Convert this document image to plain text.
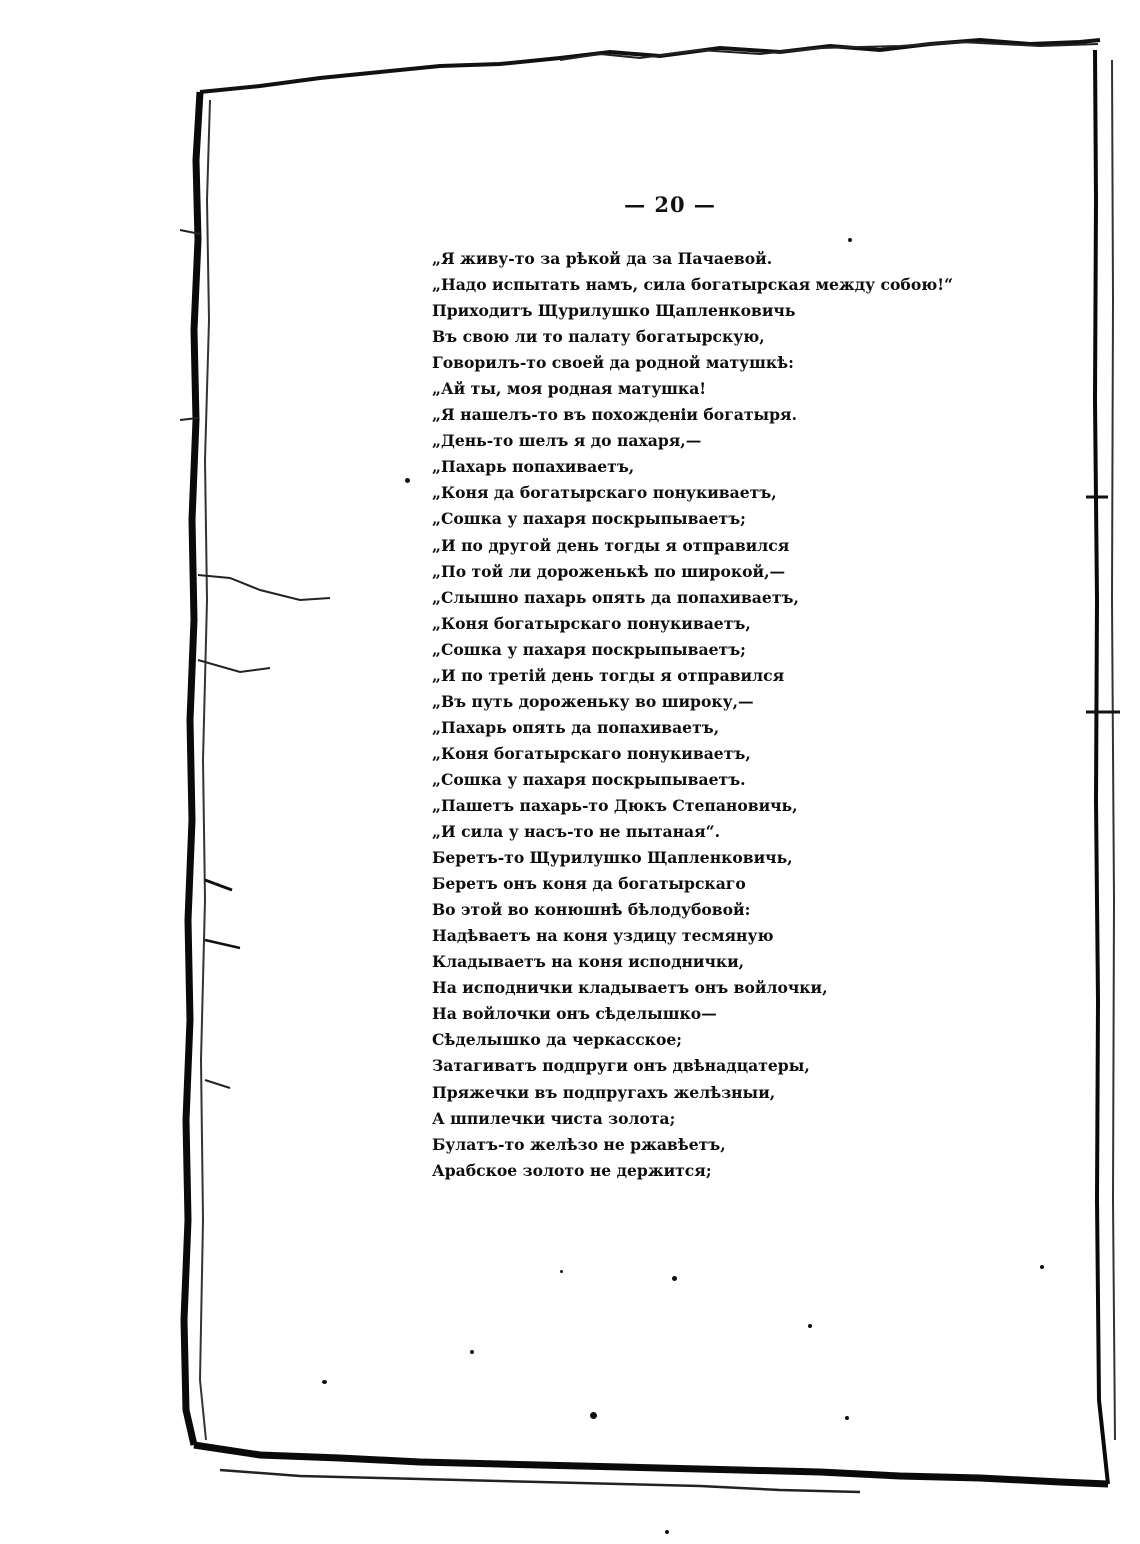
— 20 —
„Я живу-то за рѣкой да за Пачаевой.
„Надо испытать намъ, сила богатырская между собою!“
Приходитъ Щурилушко Щапленковичь
Въ свою ли то палату богатырскую,
Говорилъ-то своей да родной матушкѣ:
„Ай ты, моя родная матушка!
„Я нашелъ-то въ похожденiи богатыря.
„День-то шелъ я до пахаря,—
„Пахарь попахиваетъ,
„Коня да богатырскаго понукиваетъ,
„Сошка у пахаря поскрыпываетъ;
„И по другой день тогды я отправился
„По той ли дороженькѣ по широкой,—
„Слышно пахарь опять да попахиваетъ,
„Коня богатырскаго понукиваетъ,
„Сошка у пахаря поскрыпываетъ;
„И по третiй день тогды я отправился
„Въ путь дороженьку во широку,—
„Пахарь опять да попахиваетъ,
„Коня богатырскаго понукиваетъ,
„Сошка у пахаря поскрыпываетъ.
„Пашетъ пахарь-то Дюкъ Степановичь,
„И сила у насъ-то не пытаная“.
Беретъ-то Щурилушко Щапленковичь,
Беретъ онъ коня да богатырскаго
Во этой во конюшнѣ бѣлодубовой:
Надѣваетъ на коня уздицу тесмяную
Кладываетъ на коня исподнички,
На исподнички кладываетъ онъ войлочки,
На войлочки онъ сѣделышко—
Сѣделышко да черкасское;
Затагиватъ подпруги онъ двѣнадцатеры,
Пряжечки въ подпругахъ желѣзныи,
А шпилечки чиста золота;
Булатъ-то желѣзо не ржавѣетъ,
Арабское золото не держится;
